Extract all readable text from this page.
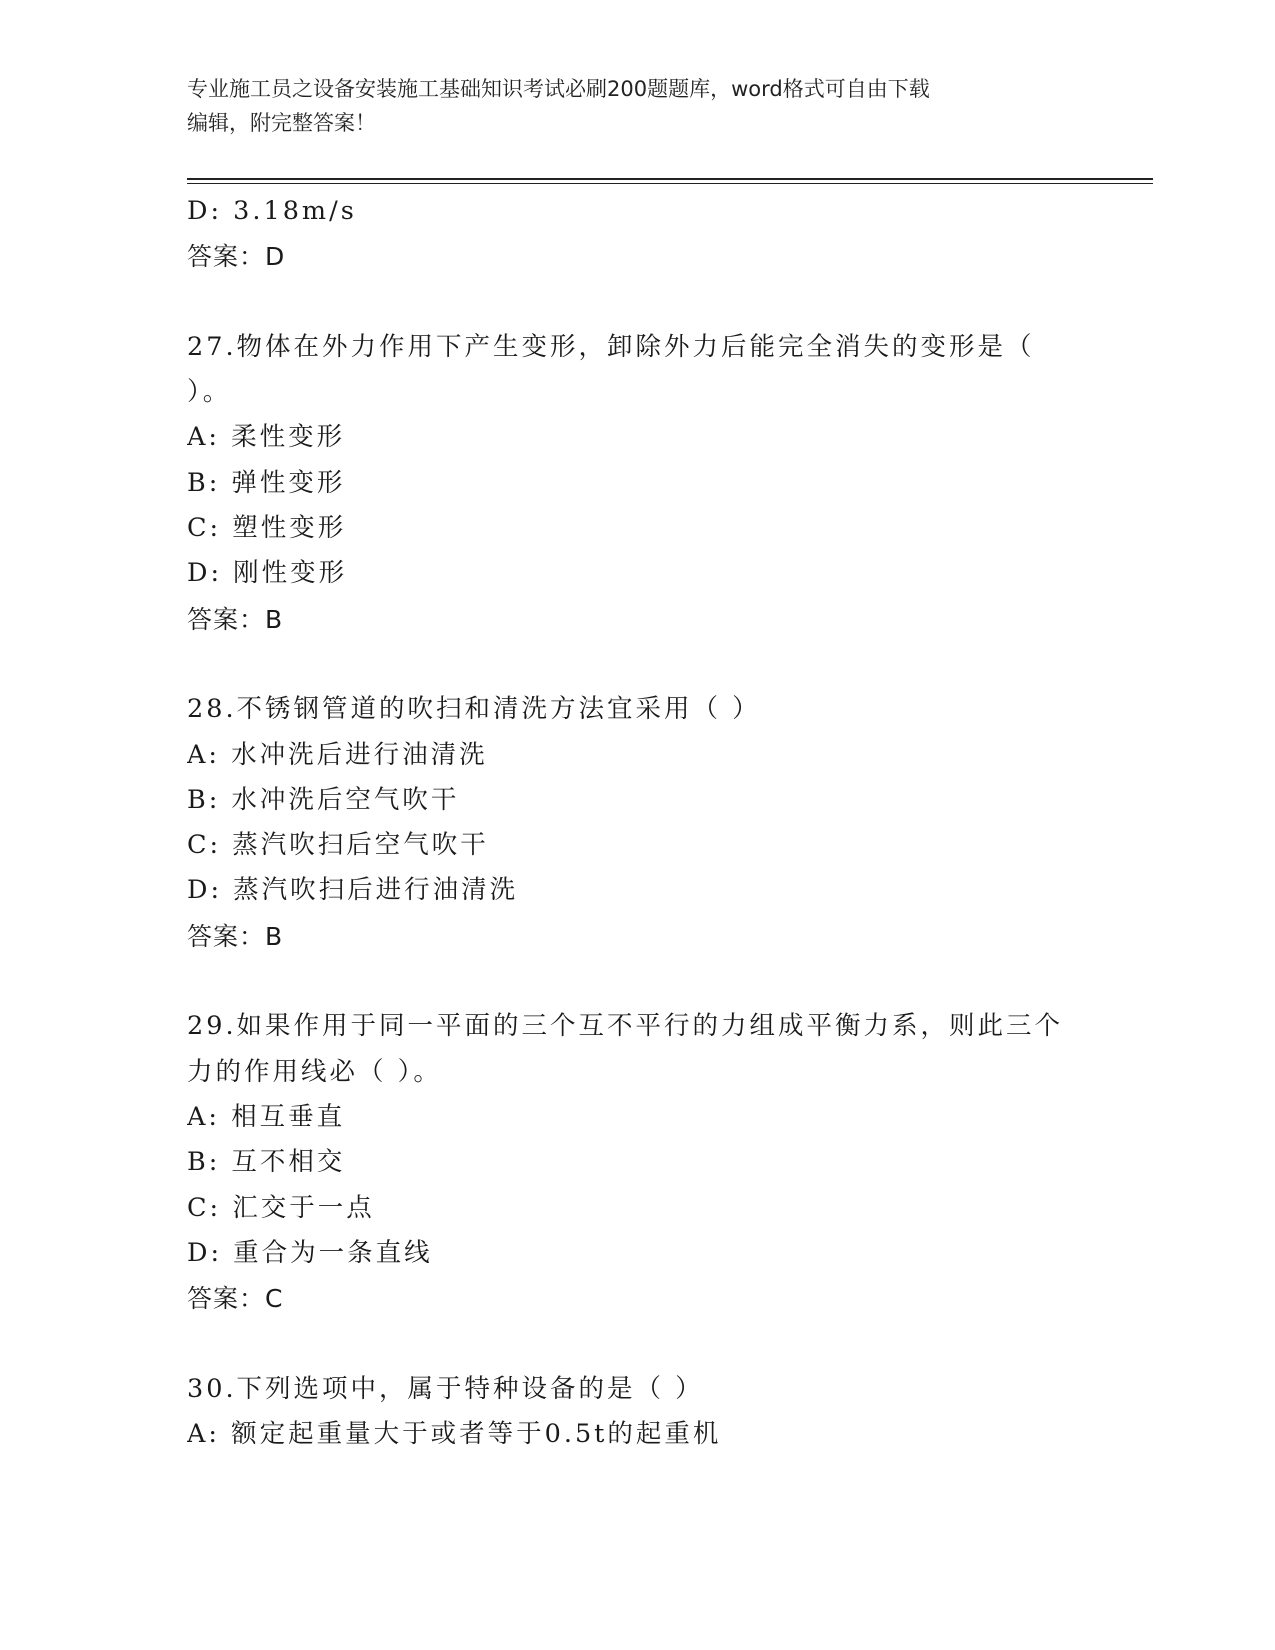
专业施工员之设备安装施工基础知识考试必刷200题题库，word格式可自由下载
编辑，附完整答案！
D: 3.18m/s
答案：D
27.物体在外力作用下产生变形，卸除外力后能完全消失的变形是（
）。
A: 柔性变形
B: 弹性变形
C: 塑性变形
D: 刚性变形
答案：B
28.不锈钢管道的吹扫和清洗方法宜采用（ ）
A: 水冲洗后进行油清洗
B: 水冲洗后空气吹干
C: 蒸汽吹扫后空气吹干
D: 蒸汽吹扫后进行油清洗
答案：B
29.如果作用于同一平面的三个互不平行的力组成平衡力系，则此三个
力的作用线必（ ）。
A: 相互垂直
B: 互不相交
C: 汇交于一点
D: 重合为一条直线
答案：C
30.下列选项中，属于特种设备的是（ ）
A: 额定起重量大于或者等于0.5t的起重机
